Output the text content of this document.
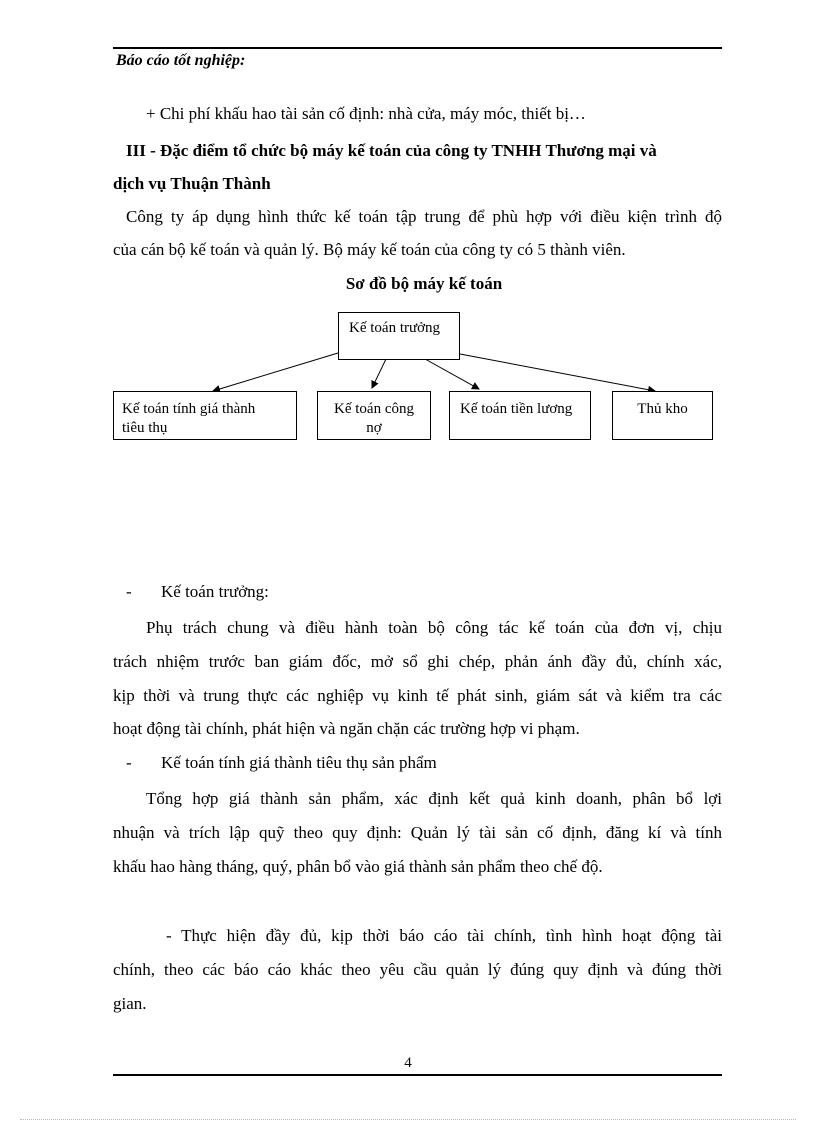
Báo cáo tốt nghiệp:
+ Chi phí khấu hao tài sản cố định: nhà cửa, máy móc, thiết bị…
III - Đặc điểm tổ chức bộ máy kế toán của công ty TNHH Thương mại và
dịch vụ Thuận Thành
Công ty áp dụng hình thức kế toán tập trung để phù hợp với điều kiện trình độ
của cán bộ kế toán và quản lý. Bộ máy kế toán của công ty có 5 thành viên.
Sơ đồ bộ máy kế toán
Kế toán trưởng
Kế toán tính giá thành
tiêu thụ
Kế toán công
nợ
Kế toán tiền lương	Thủ kho
- Kế toán trưởng:
Phụ trách chung và điều hành toàn bộ công tác kế toán của đơn vị, chịu
trách nhiệm trước ban giám đốc, mở sổ ghi chép, phản ánh đầy đủ, chính xác,
kịp thời và trung thực các nghiệp vụ kinh tế phát sinh, giám sát và kiểm tra các
hoạt động tài chính, phát hiện và ngăn chặn các trường hợp vi phạm.
- Kế toán tính giá thành tiêu thụ sản phẩm
Tổng hợp giá thành sản phẩm, xác định kết quả kinh doanh, phân bổ lợi
nhuận và trích lập quỹ theo quy định: Quản lý tài sản cố định, đăng kí và tính
khấu hao hàng tháng, quý, phân bổ vào giá thành sản phẩm theo chế độ.
- Thực hiện đầy đủ, kịp thời báo cáo tài chính, tình hình hoạt động tài
chính, theo các báo cáo khác theo yêu cầu quản lý đúng quy định và đúng thời
gian.
4
